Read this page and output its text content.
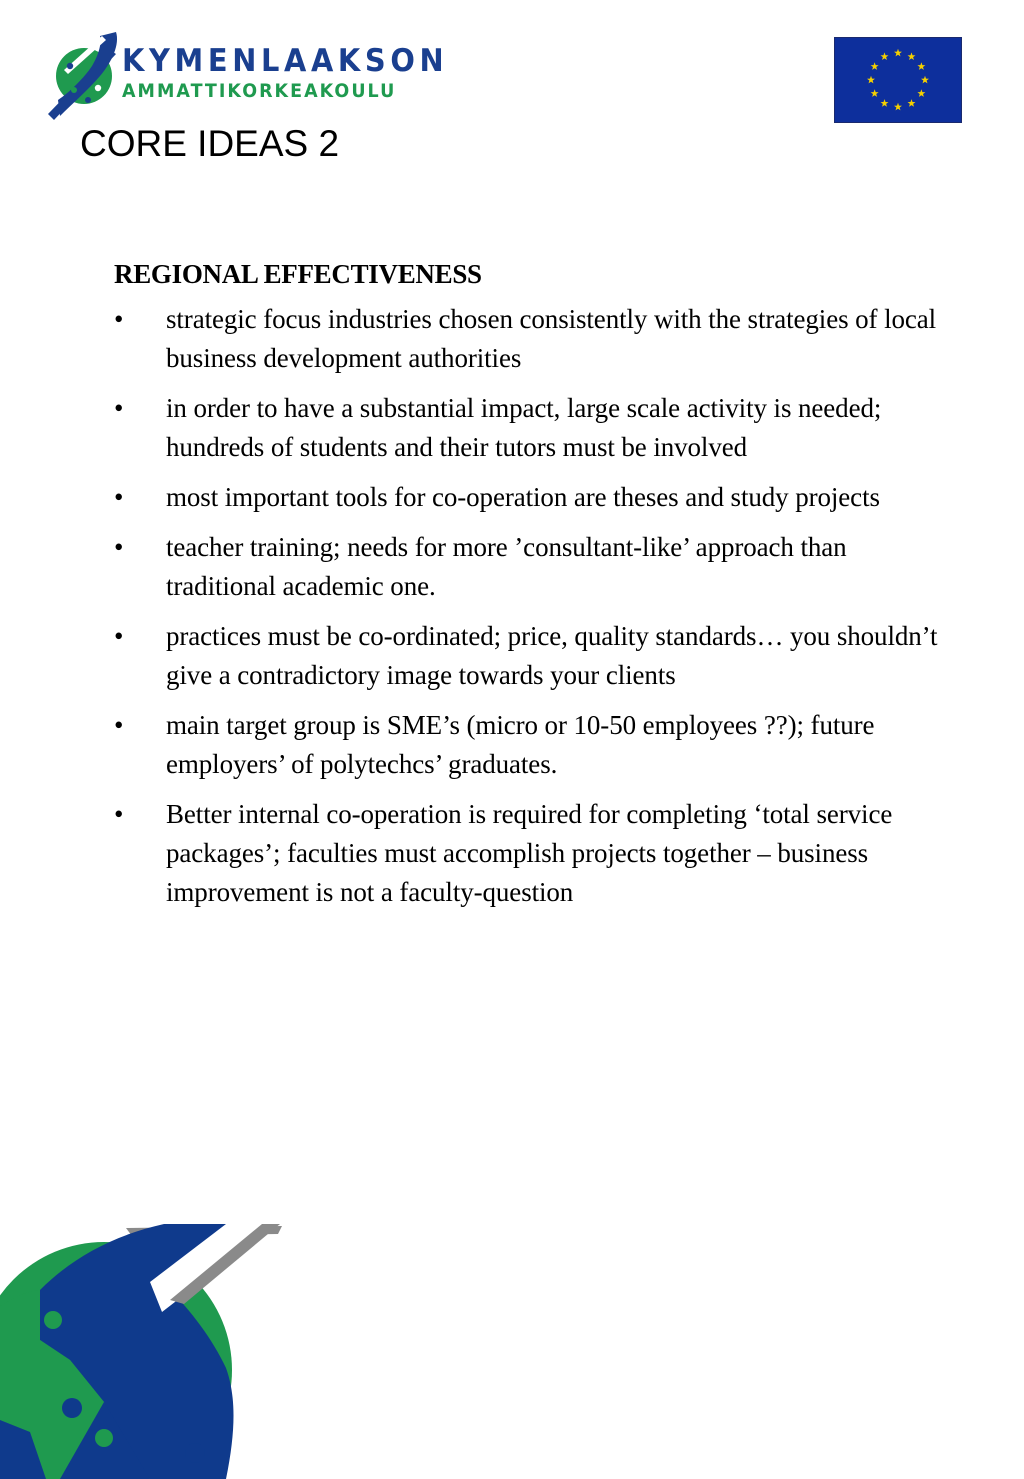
KYMENLAAKSON
AMMATTIKORKEAKOULU
CORE IDEAS 2
REGIONAL EFFECTIVENESS
• strategic focus industries chosen consistently with the strategies of local business development authorities
• in order to have a substantial impact, large scale activity is needed; hundreds of students and their tutors must be involved
• most important tools for co-operation are theses and study projects
• teacher training; needs for more ’consultant-like’ approach than traditional academic one.
• practices must be co-ordinated; price, quality standards… you shouldn’t give a contradictory image towards your clients
• main target group is SME’s (micro or 10-50 employees ??); future employers’ of polytechcs’ graduates.
• Better internal co-operation is required for completing ‘total service packages’; faculties must accomplish projects together – business improvement is not a faculty-question
